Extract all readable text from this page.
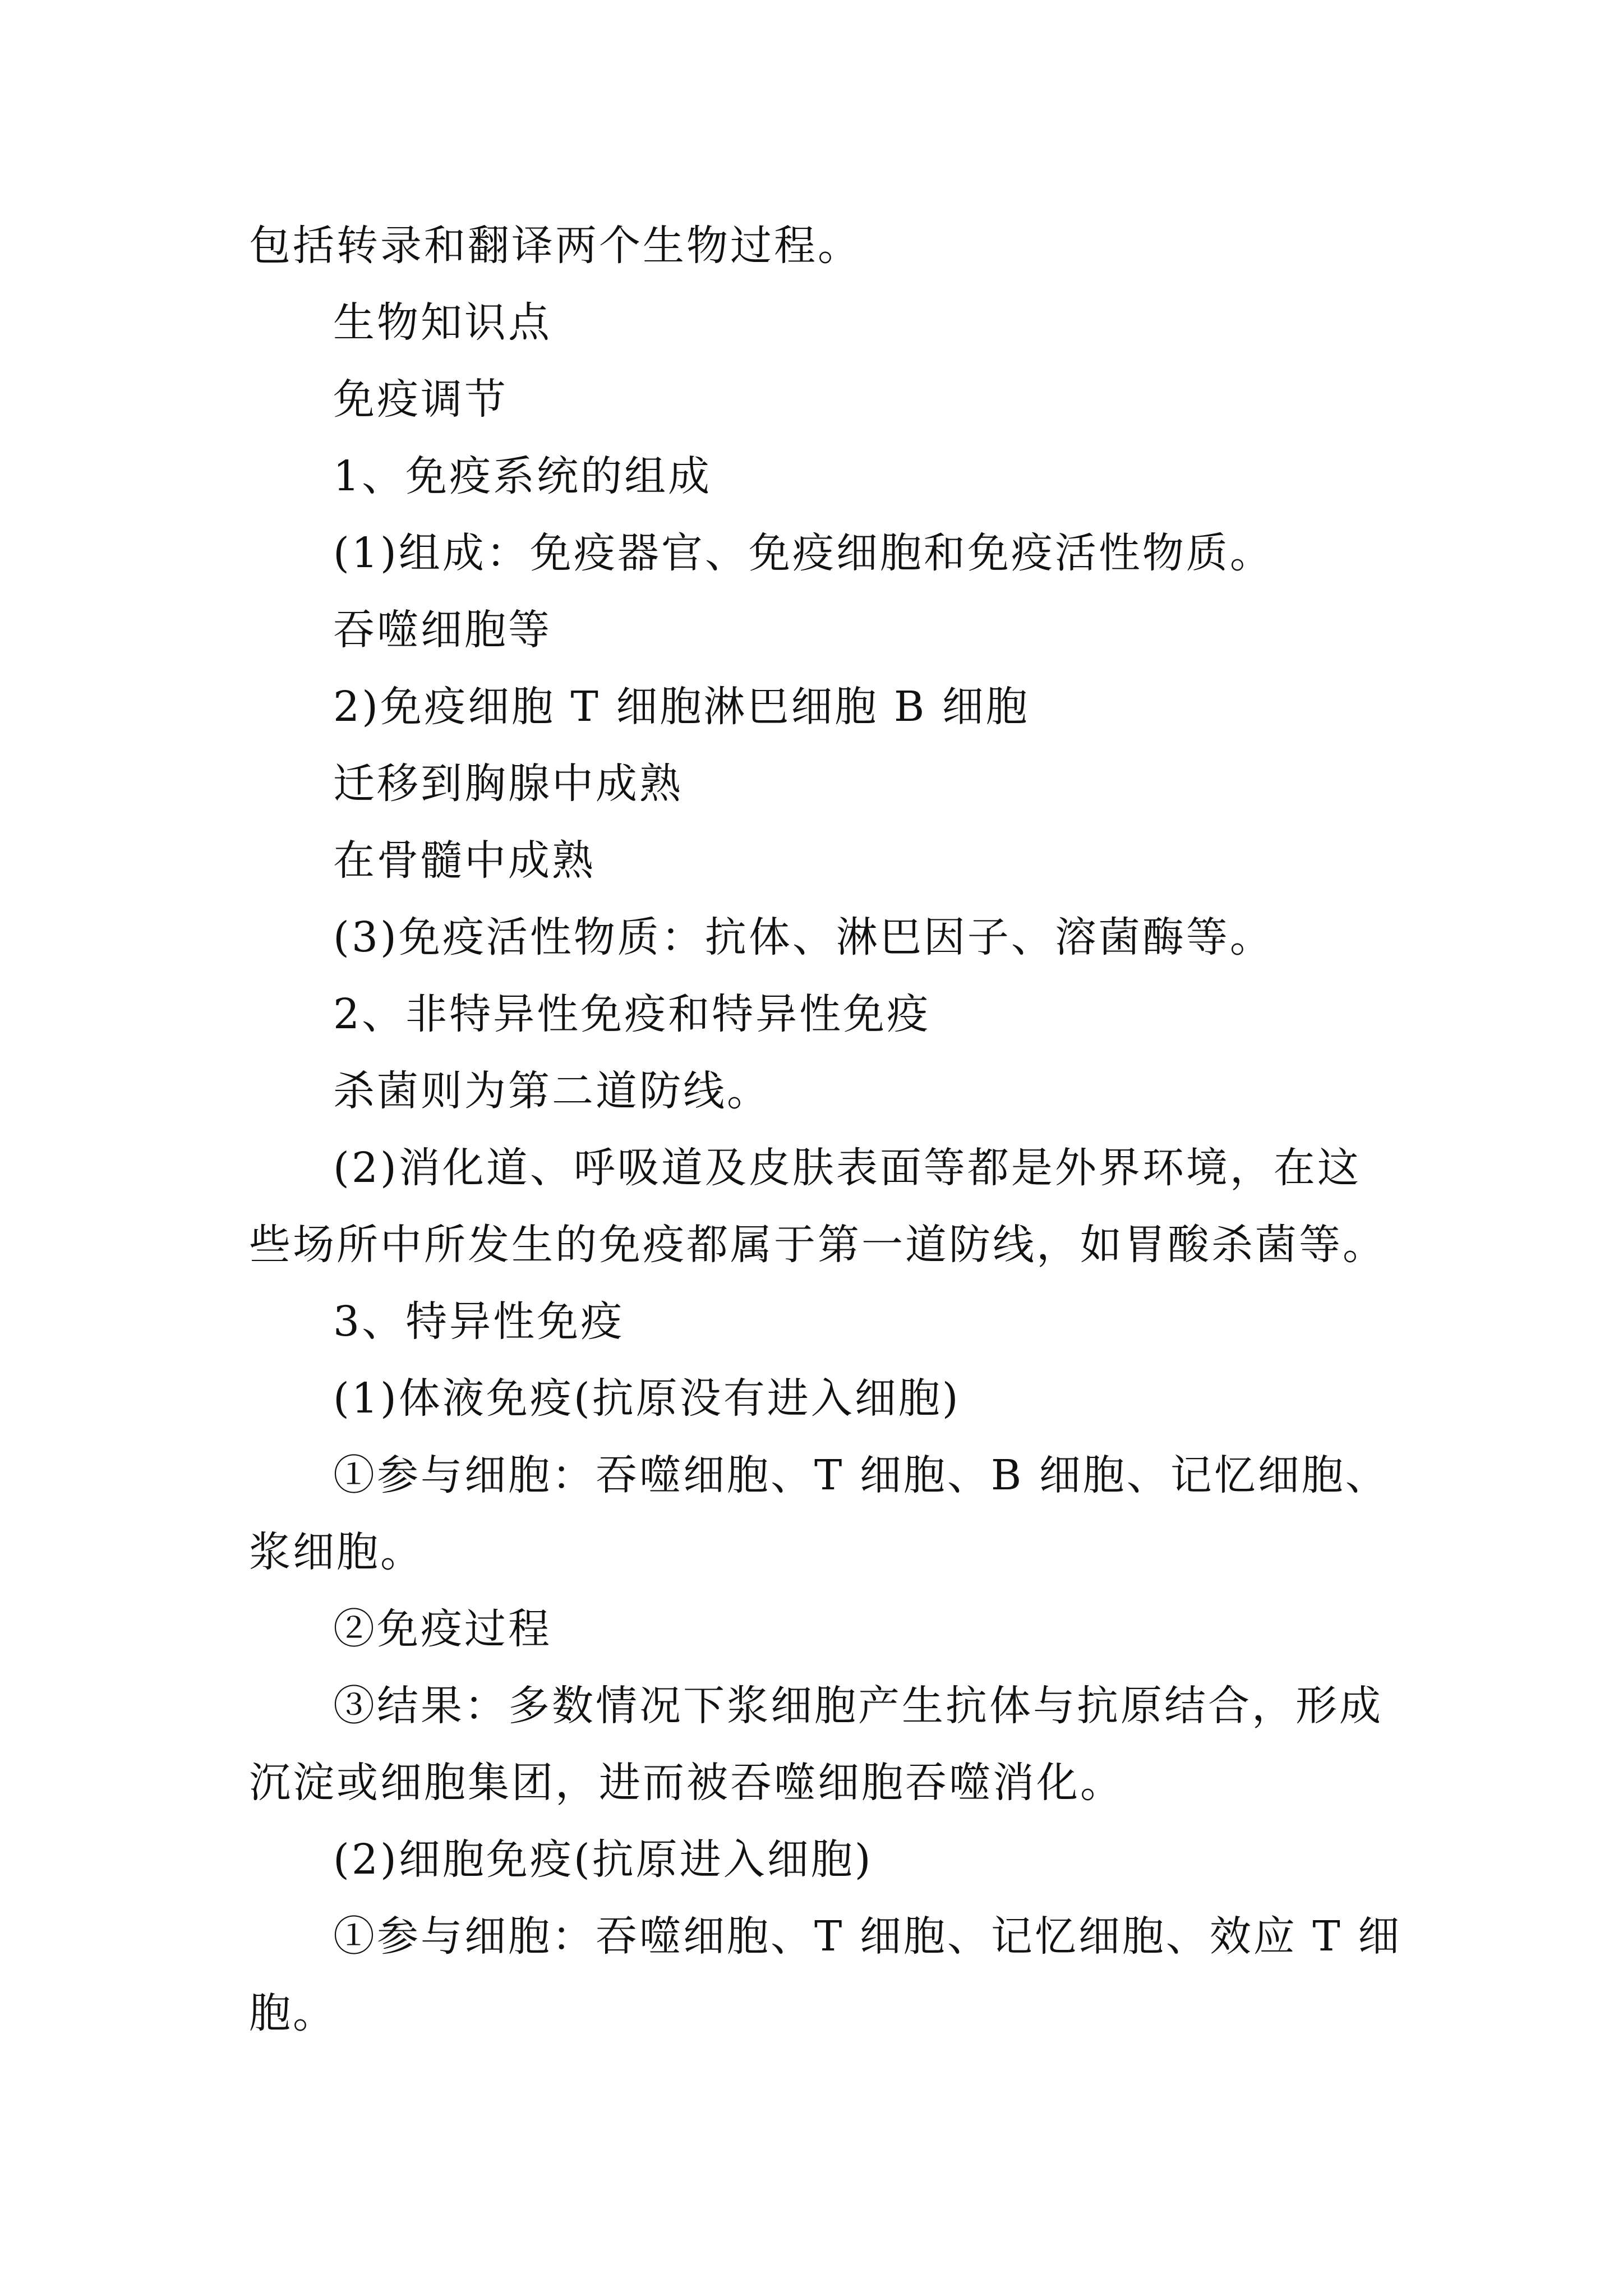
包括转录和翻译两个生物过程。
生物知识点
免疫调节
1、免疫系统的组成
(1)组成：免疫器官、免疫细胞和免疫活性物质。
吞噬细胞等
2)免疫细胞 T 细胞淋巴细胞 B 细胞
迁移到胸腺中成熟
在骨髓中成熟
(3)免疫活性物质：抗体、淋巴因子、溶菌酶等。
2、非特异性免疫和特异性免疫
杀菌则为第二道防线。
(2)消化道、呼吸道及皮肤表面等都是外界环境，在这
些场所中所发生的免疫都属于第一道防线，如胃酸杀菌等。
3、特异性免疫
(1)体液免疫(抗原没有进入细胞)
①参与细胞：吞噬细胞、T 细胞、B 细胞、记忆细胞、
浆细胞。
②免疫过程
③结果：多数情况下浆细胞产生抗体与抗原结合，形成
沉淀或细胞集团，进而被吞噬细胞吞噬消化。
(2)细胞免疫(抗原进入细胞)
①参与细胞：吞噬细胞、T 细胞、记忆细胞、效应 T 细
胞。
